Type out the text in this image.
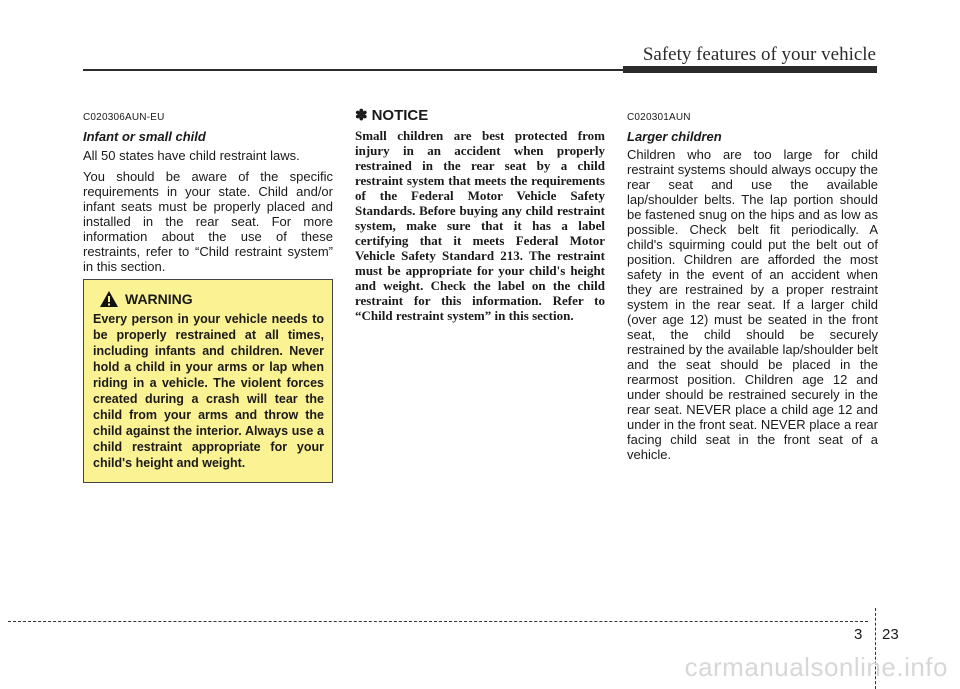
Safety features of your vehicle

C020306AUN-EU

Infant or small child

All 50 states have child restraint laws.

You should be aware of the specific requirements in your state. Child and/or infant seats must be properly placed and installed in the rear seat. For more information about the use of these restraints, refer to “Child restraint system” in this section.

WARNING

Every person in your vehicle needs to be properly restrained at all times, including infants and children. Never hold a child in your arms or lap when riding in a vehicle. The violent forces created during a crash will tear the child from your arms and throw the child against the interior. Always use a child restraint appropriate for your child's height and weight.

✽ NOTICE

Small children are best protected from injury in an accident when properly restrained in the rear seat by a child restraint system that meets the requirements of the Federal Motor Vehicle Safety Standards. Before buying any child restraint system, make sure that it has a label certifying that it meets Federal Motor Vehicle Safety Standard 213. The restraint must be appropriate for your child's height and weight. Check the label on the child restraint for this information. Refer to “Child restraint system” in this section.

C020301AUN

Larger children

Children who are too large for child restraint systems should always occupy the rear seat and use the available lap/shoulder belts. The lap portion should be fastened snug on the hips and as low as possible. Check belt fit periodically. A child's squirming could put the belt out of position. Children are afforded the most safety in the event of an accident when they are restrained by a proper restraint system in the rear seat. If a larger child (over age 12) must be seated in the front seat, the child should be securely restrained by the available lap/shoulder belt and the seat should be placed in the rearmost position. Children age 12 and under should be restrained securely in the rear seat. NEVER place a child age 12 and under in the front seat. NEVER place a rear facing child seat in the front seat of a vehicle.

3 23
carmanualsonline.info
